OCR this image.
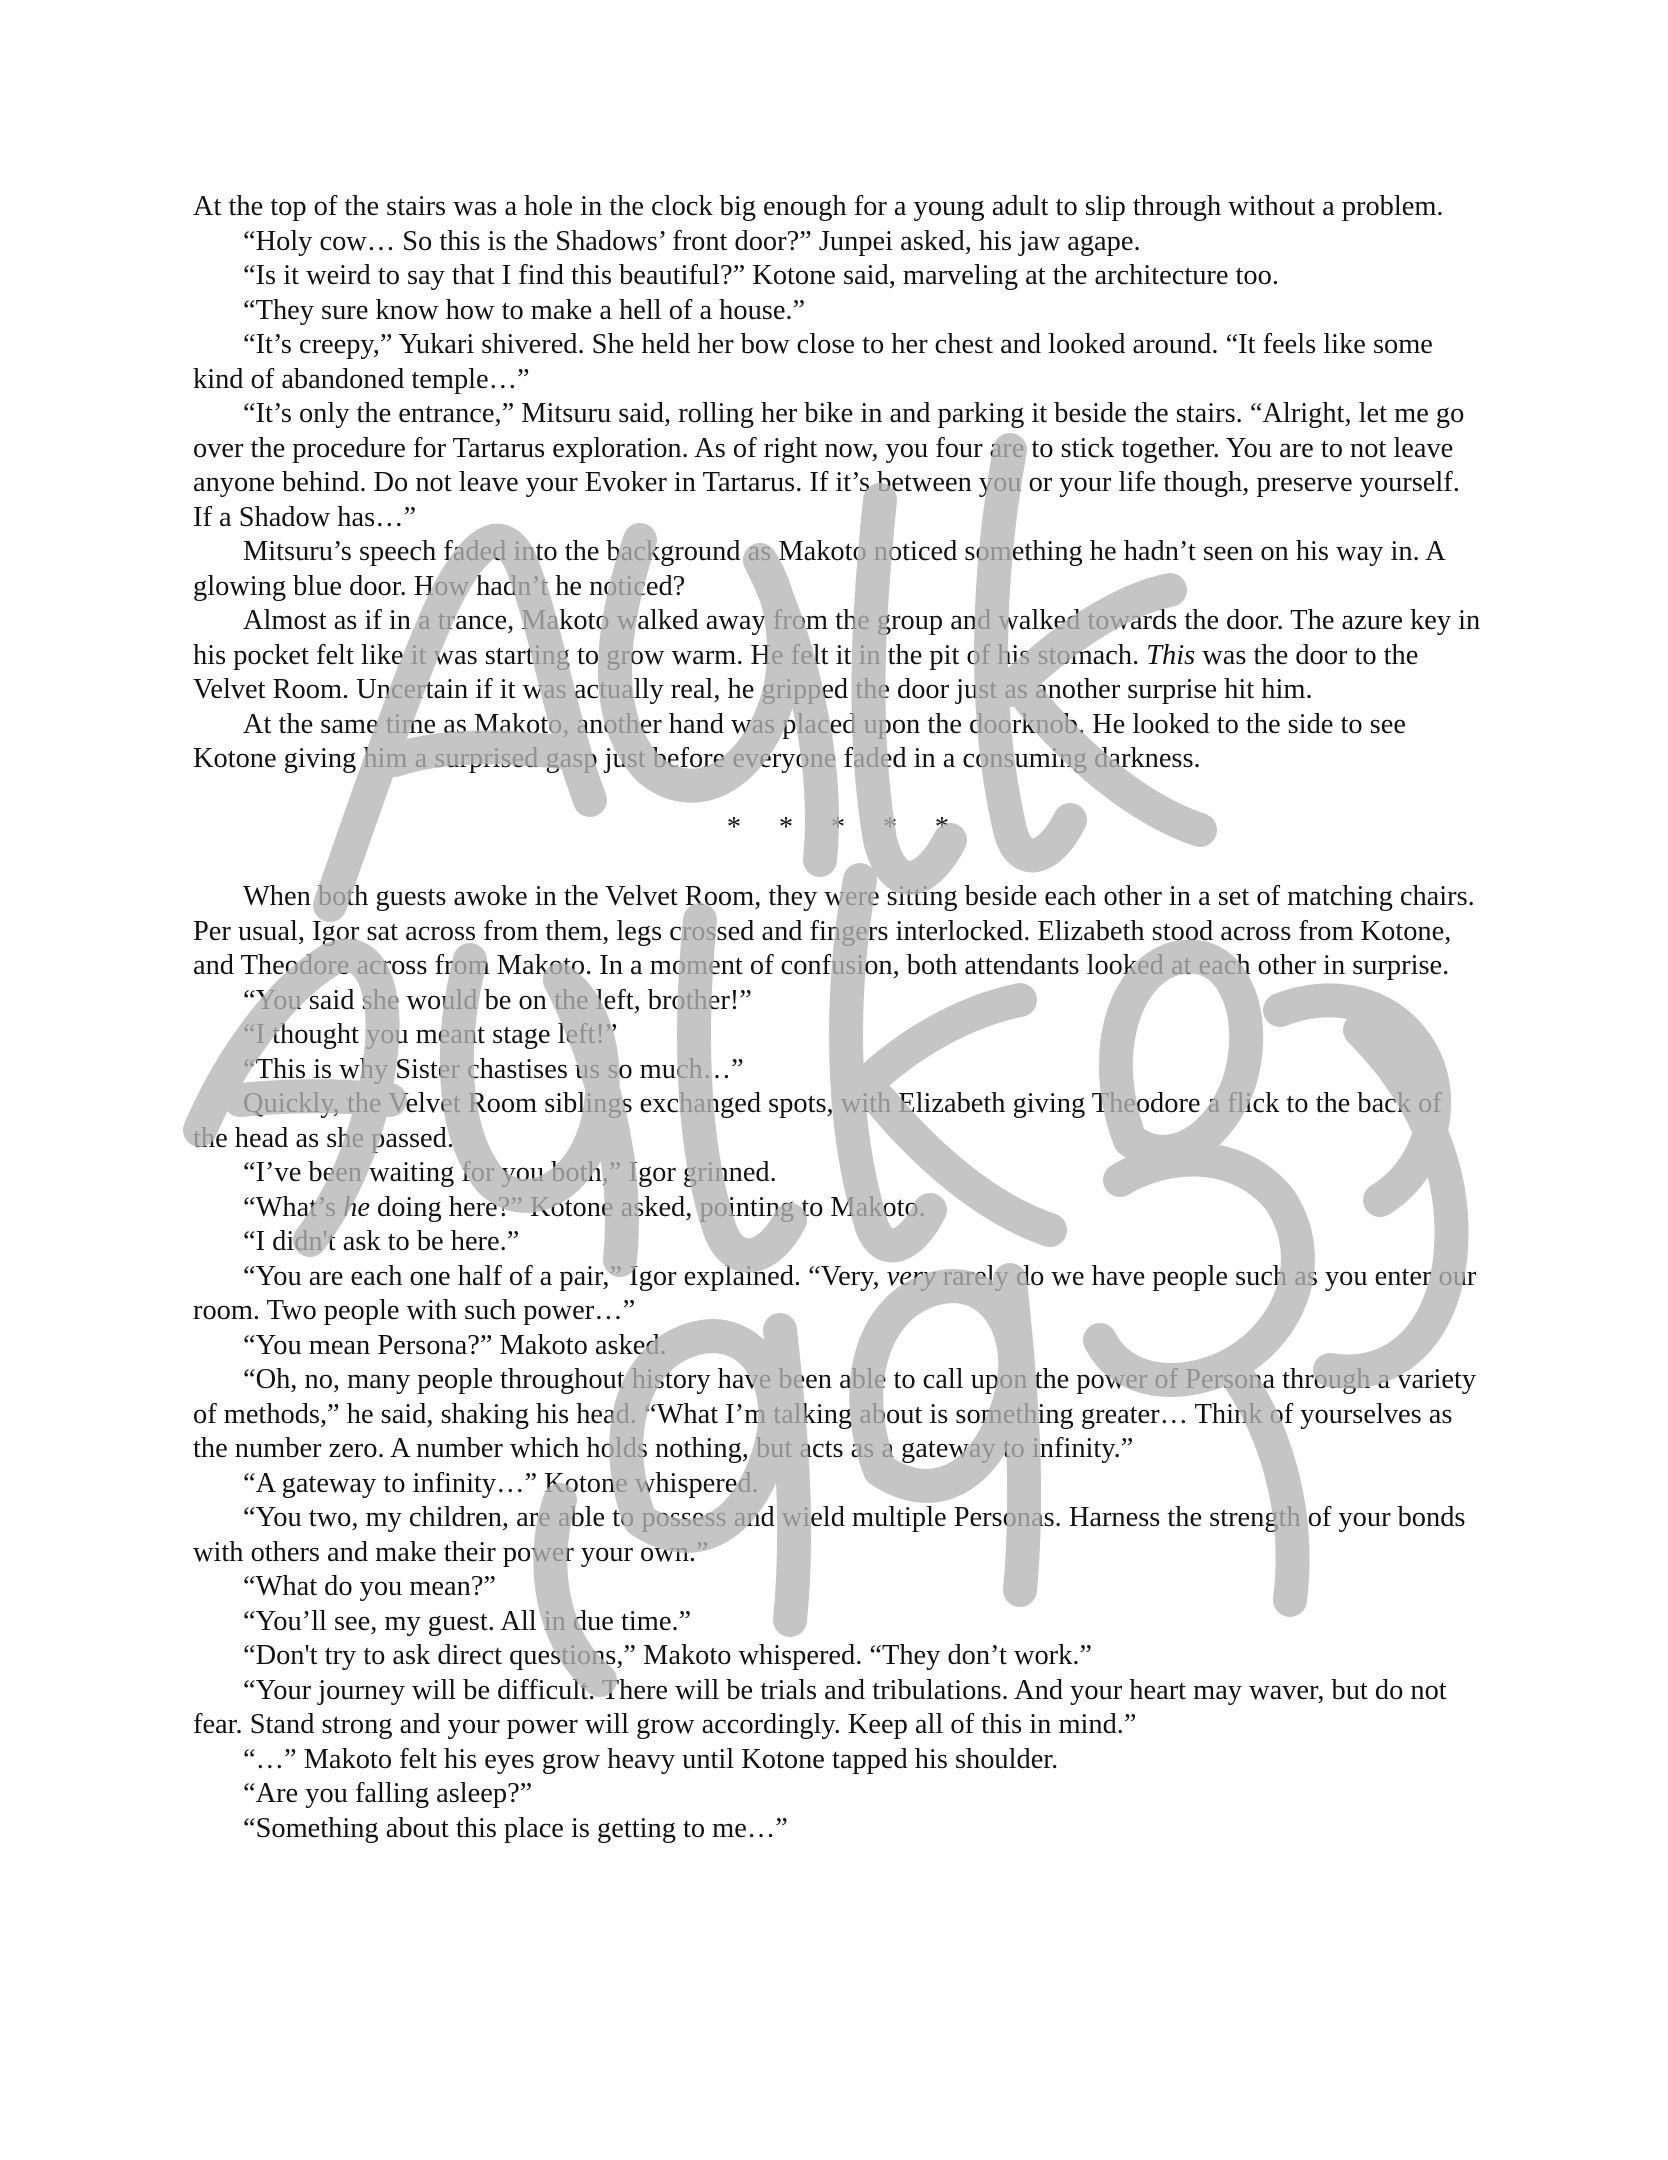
At the top of the stairs was a hole in the clock big enough for a young adult to slip through without a problem.

“Holy cow… So this is the Shadows’ front door?” Junpei asked, his jaw agape.

“Is it weird to say that I find this beautiful?” Kotone said, marveling at the architecture too.

“They sure know how to make a hell of a house.”

“It’s creepy,” Yukari shivered. She held her bow close to her chest and looked around. “It feels like some kind of abandoned temple…”

“It’s only the entrance,” Mitsuru said, rolling her bike in and parking it beside the stairs. “Alright, let me go over the procedure for Tartarus exploration. As of right now, you four are to stick together. You are to not leave anyone behind. Do not leave your Evoker in Tartarus. If it’s between you or your life though, preserve yourself. If a Shadow has…”

Mitsuru’s speech faded into the background as Makoto noticed something he hadn’t seen on his way in. A glowing blue door. How hadn’t he noticed?

Almost as if in a trance, Makoto walked away from the group and walked towards the door. The azure key in his pocket felt like it was starting to grow warm. He felt it in the pit of his stomach. This was the door to the Velvet Room. Uncertain if it was actually real, he gripped the door just as another surprise hit him.

At the same time as Makoto, another hand was placed upon the doorknob. He looked to the side to see Kotone giving him a surprised gasp just before everyone faded in a consuming darkness.

* * * * *

When both guests awoke in the Velvet Room, they were sitting beside each other in a set of matching chairs. Per usual, Igor sat across from them, legs crossed and fingers interlocked. Elizabeth stood across from Kotone, and Theodore across from Makoto. In a moment of confusion, both attendants looked at each other in surprise.

“You said she would be on the left, brother!”

“I thought you meant stage left!”

“This is why Sister chastises us so much…”

Quickly, the Velvet Room siblings exchanged spots, with Elizabeth giving Theodore a flick to the back of the head as she passed.

“I’ve been waiting for you both,” Igor grinned.

“What’s he doing here?” Kotone asked, pointing to Makoto.

“I didn't ask to be here.”

“You are each one half of a pair,” Igor explained. “Very, very rarely do we have people such as you enter our room. Two people with such power…”

“You mean Persona?” Makoto asked.

“Oh, no, many people throughout history have been able to call upon the power of Persona through a variety of methods,” he said, shaking his head. “What I’m talking about is something greater… Think of yourselves as the number zero. A number which holds nothing, but acts as a gateway to infinity.”

“A gateway to infinity…” Kotone whispered.

“You two, my children, are able to possess and wield multiple Personas. Harness the strength of your bonds with others and make their power your own.”

“What do you mean?”

“You’ll see, my guest. All in due time.”

“Don't try to ask direct questions,” Makoto whispered. “They don’t work.”

“Your journey will be difficult. There will be trials and tribulations. And your heart may waver, but do not fear. Stand strong and your power will grow accordingly. Keep all of this in mind.”

“…” Makoto felt his eyes grow heavy until Kotone tapped his shoulder.

“Are you falling asleep?”

“Something about this place is getting to me…”
